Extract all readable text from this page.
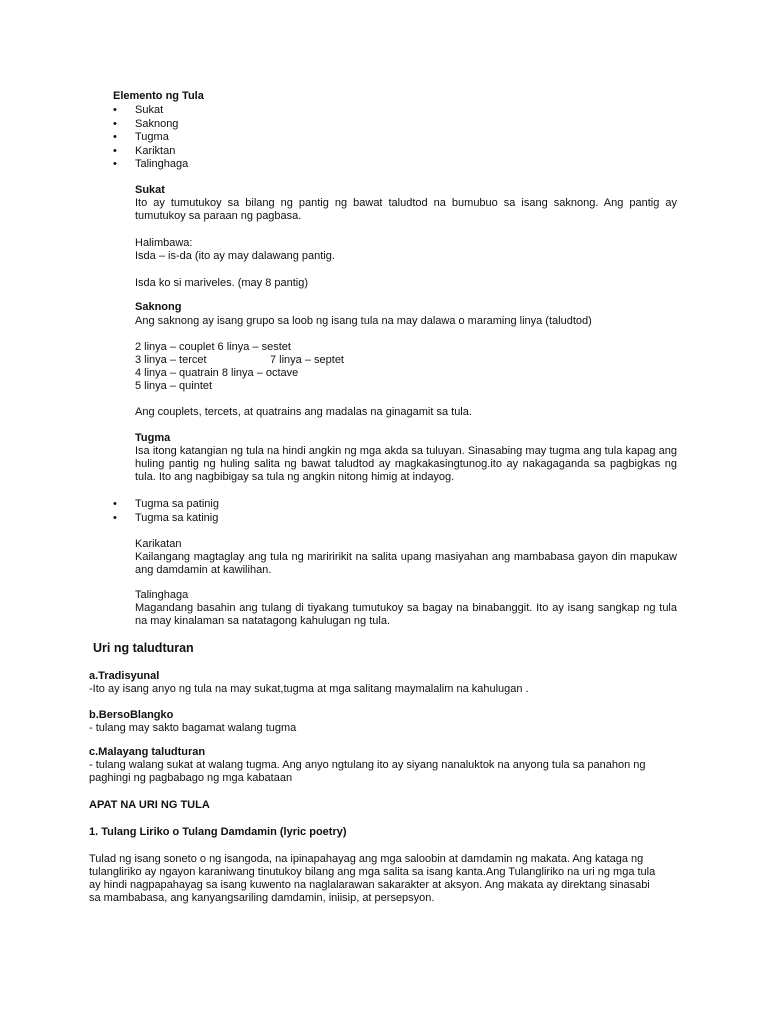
Elemento ng Tula
•	Sukat
•	Saknong
•	Tugma
•	Kariktan
•	Talinghaga
Sukat
Ito ay tumutukoy sa bilang ng pantig ng bawat taludtod na bumubuo sa isang saknong. Ang pantig ay tumutukoy sa paraan ng pagbasa.
Halimbawa:
Isda – is-da (ito ay may dalawang pantig.
Isda ko si mariveles. (may 8 pantig)
Saknong
Ang saknong ay isang grupo sa loob ng isang tula na may dalawa o maraming linya (taludtod)
2 linya – couplet 6 linya – sestet
3 linya – tercet	7 linya – septet
4 linya – quatrain 8 linya – octave
5 linya – quintet
Ang couplets, tercets, at quatrains ang madalas na ginagamit sa tula.
Tugma
Isa itong katangian ng tula na hindi angkin ng mga akda sa tuluyan. Sinasabing may tugma ang tula kapag ang huling pantig ng huling salita ng bawat taludtod ay magkakasingtunog.ito ay nakagaganda sa pagbigkas ng tula. Ito ang nagbibigay sa tula ng angkin nitong himig at indayog.
•	Tugma sa patinig
•	Tugma sa katinig
Karikatan
Kailangang magtaglay ang tula ng mariririkit na salita upang masiyahan ang mambabasa gayon din mapukaw ang damdamin at kawilihan.
Talinghaga
Magandang basahin ang tulang di tiyakang tumutukoy sa bagay na binabanggit. Ito ay isang sangkap ng tula na may kinalaman sa natatagong kahulugan ng tula.
Uri ng taludturan
a.Tradisyunal
-Ito ay isang anyo ng tula na may sukat,tugma at mga salitang maymalalim na kahulugan .
b.BersoBlangko
- tulang may sakto bagamat walang tugma
c.Malayang taludturan
- tulang walang sukat at walang tugma. Ang anyo ngtulang ito ay siyang nanaluktok na anyong tula sa panahon ng
paghingi ng pagbabago ng mga kabataan
APAT NA URI NG TULA
1. Tulang Liriko o Tulang Damdamin (lyric poetry)
Tulad ng isang soneto o ng isangoda, na ipinapahayag ang mga saloobin at damdamin ng makata. Ang kataga ng
tulangliriko ay ngayon karaniwang tinutukoy bilang ang mga salita sa isang kanta.Ang Tulangliriko na uri ng mga tula
ay hindi nagpapahayag sa isang kuwento na naglalarawan sakarakter at aksyon. Ang makata ay direktang sinasabi
sa mambabasa, ang kanyangsariling damdamin, iniisip, at persepsyon.
